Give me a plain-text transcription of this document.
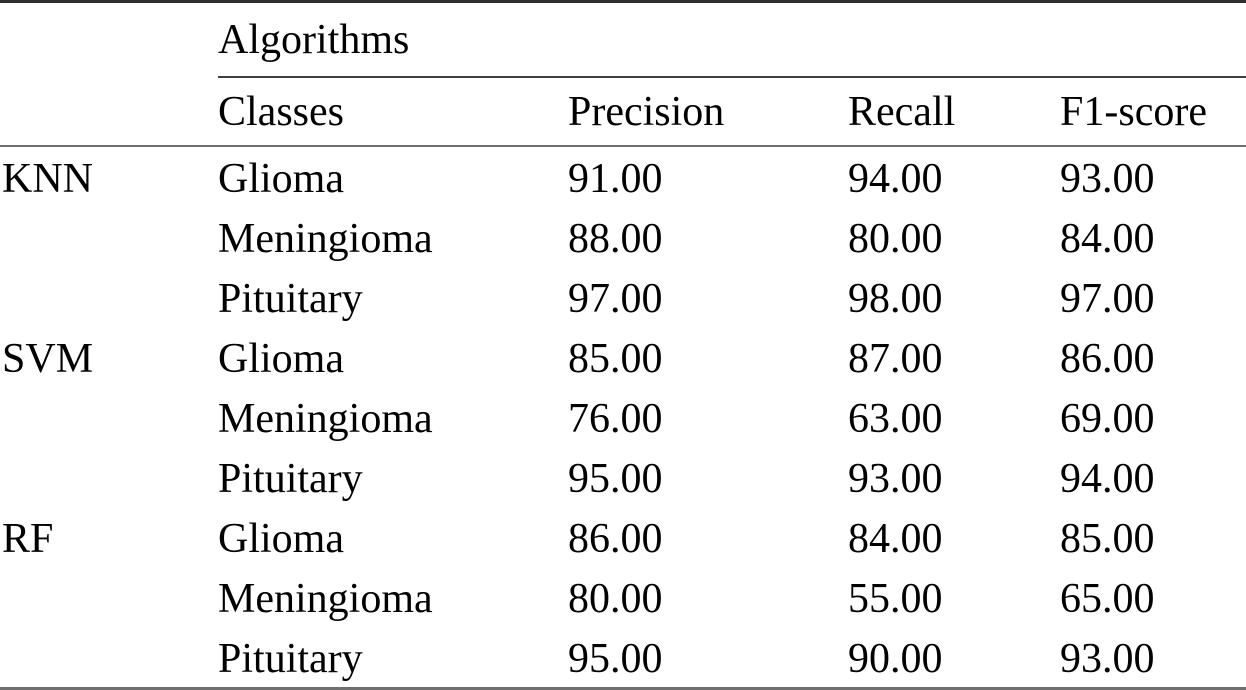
	Algorithms			
	Classes	Precision	Recall	F1-score
KNN	Glioma	91.00	94.00	93.00
	Meningioma	88.00	80.00	84.00
	Pituitary	97.00	98.00	97.00
SVM	Glioma	85.00	87.00	86.00
	Meningioma	76.00	63.00	69.00
	Pituitary	95.00	93.00	94.00
RF	Glioma	86.00	84.00	85.00
	Meningioma	80.00	55.00	65.00
	Pituitary	95.00	90.00	93.00
